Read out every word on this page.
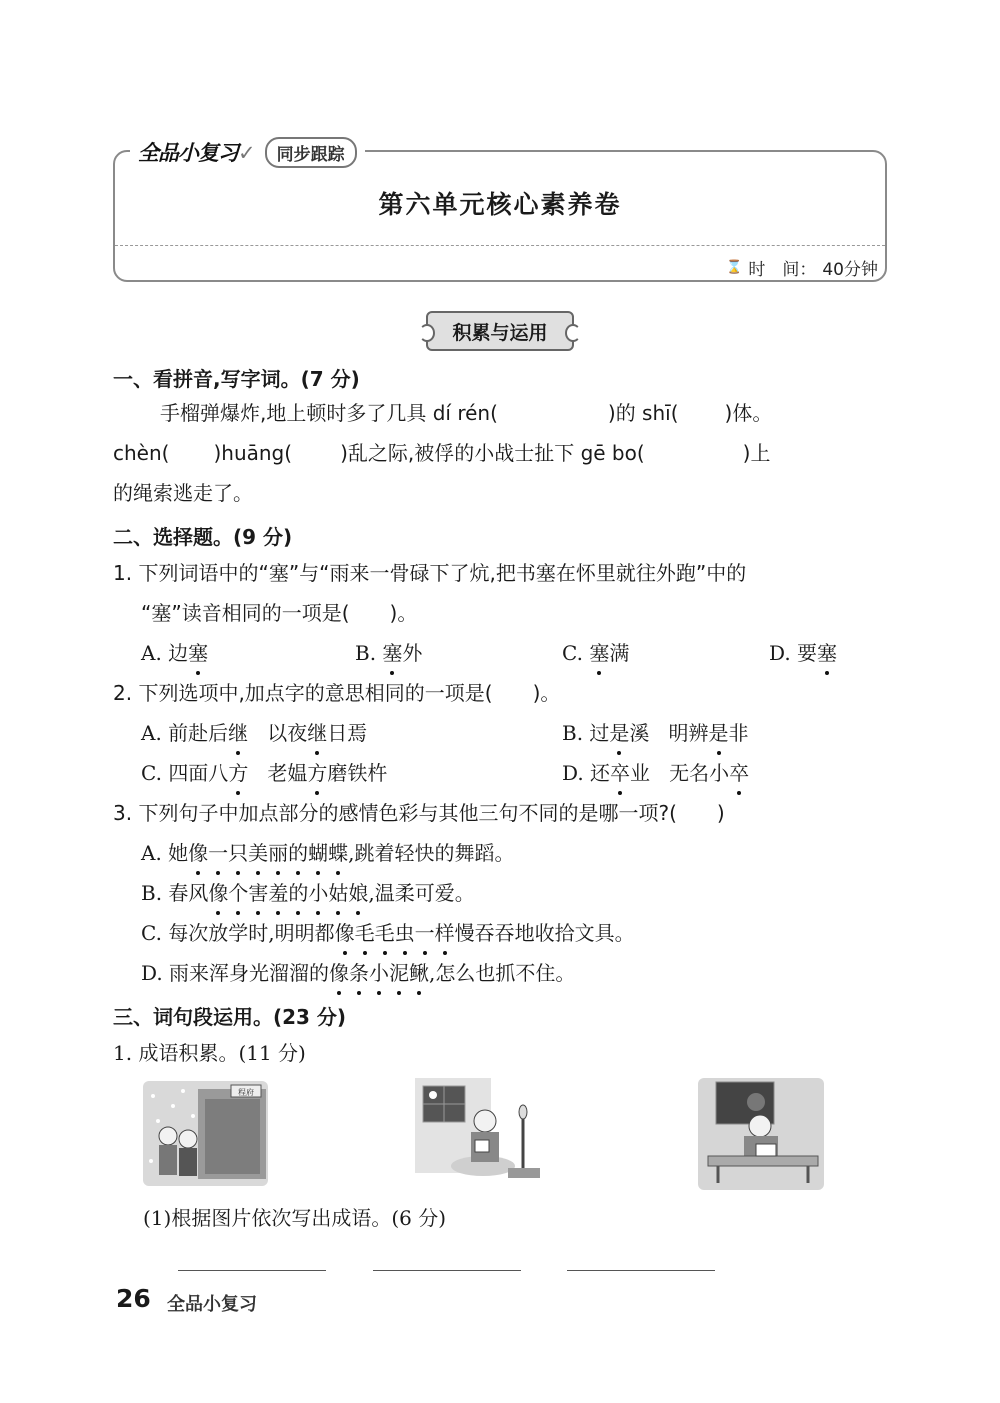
全品小复习✓	同步跟踪
第六单元核心素养卷
⌛ 时　间： 40分钟
积累与运用
一、看拼音,写字词。(7 分)
手榴弹爆炸,地上顿时多了几具 dí rén(	)的 shī( )体。
chèn( )huāng( )乱之际,被俘的小战士扯下 gē bo(	)上
的绳索逃走了。
二、选择题。(9 分)
1. 下列词语中的“塞”与“雨来一骨碌下了炕,把书塞在怀里就往外跑”中的
“塞”读音相同的一项是(　　)。
A. 边塞	B. 塞外	C. 塞满	D. 要塞
2. 下列选项中,加点字的意思相同的一项是(　　)。
A. 前赴后继 以夜继日焉	B. 过是溪 明辨是非
C. 四面八方 老媪方磨铁杵	D. 还卒业 无名小卒
3. 下列句子中加点部分的感情色彩与其他三句不同的是哪一项?(　　)
A. 她像一只美丽的蝴蝶,跳着轻快的舞蹈。
B. 春风像个害羞的小姑娘,温柔可爱。
C. 每次放学时,明明都像毛毛虫一样慢吞吞地收拾文具。
D. 雨来浑身光溜溜的像条小泥鳅,怎么也抓不住。
三、词句段运用。(23 分)
1. 成语积累。(11 分)
程府
(1)根据图片依次写出成语。(6 分)
26 全品小复习
